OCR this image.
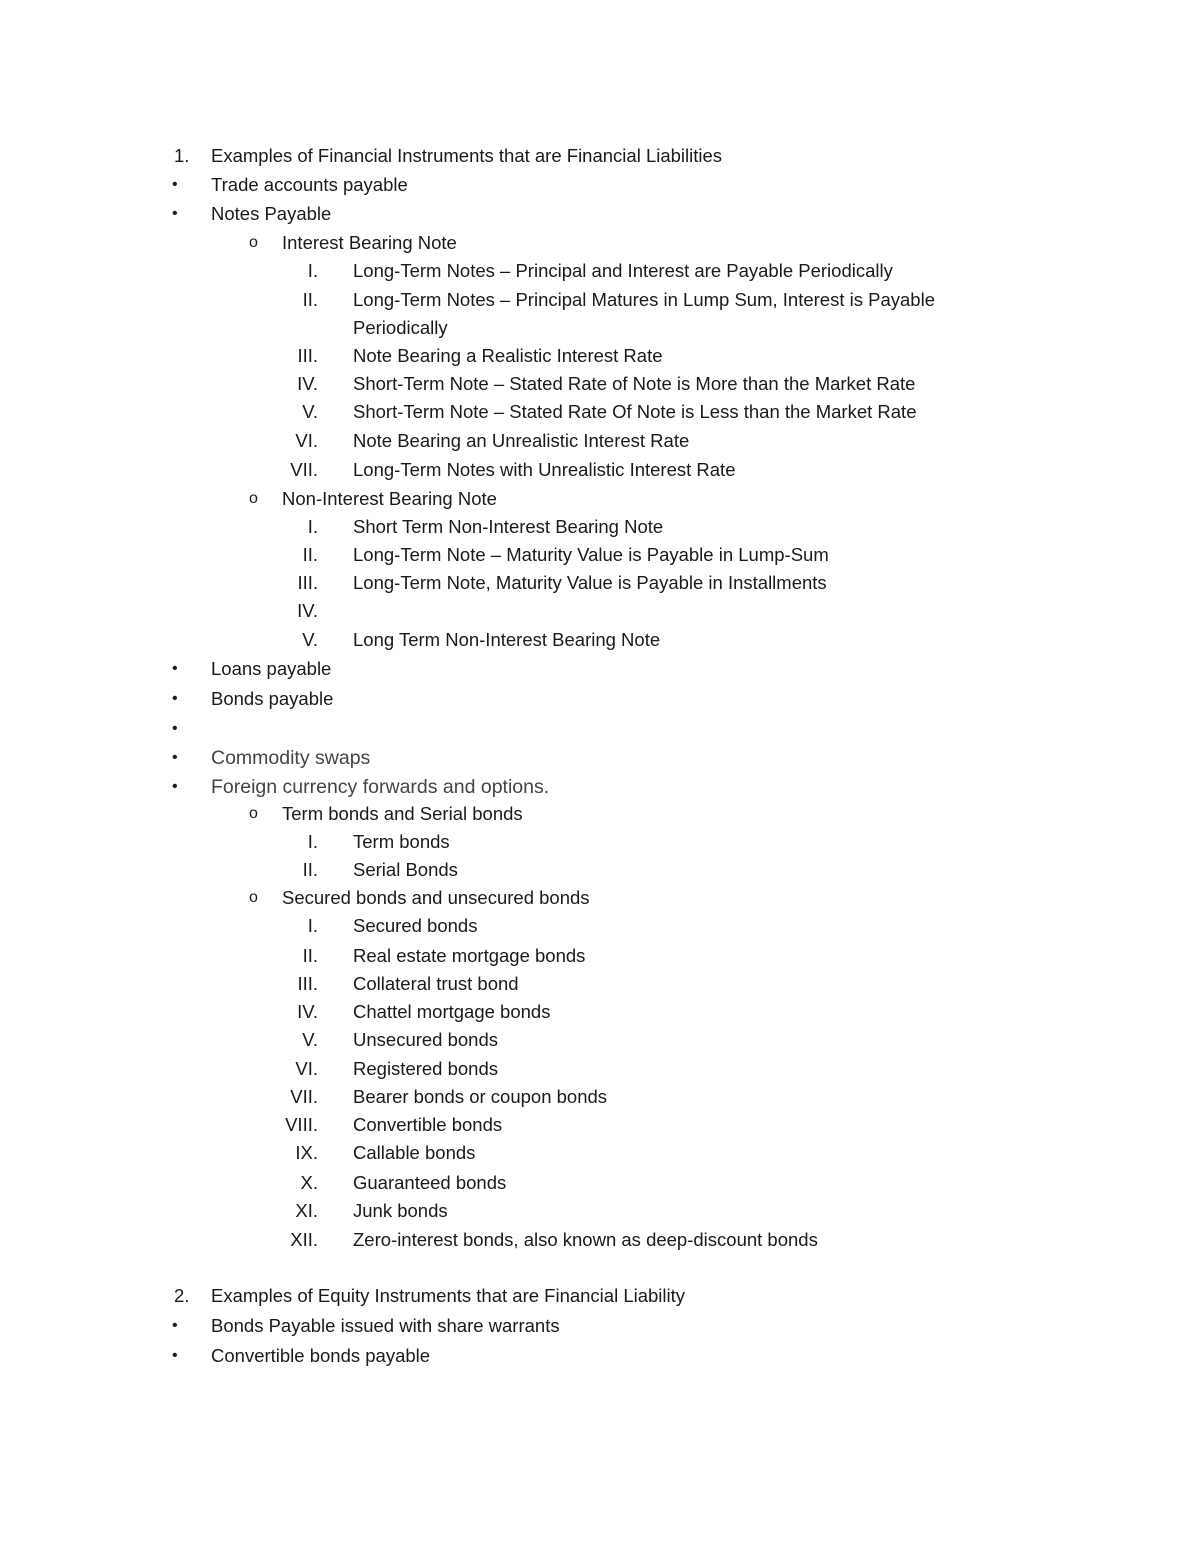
1. Examples of Financial Instruments that are Financial Liabilities
• Trade accounts payable
• Notes Payable
o Interest Bearing Note
I. Long-Term Notes – Principal and Interest are Payable Periodically
II. Long-Term Notes – Principal Matures in Lump Sum, Interest is Payable
Periodically
III. Note Bearing a Realistic Interest Rate
IV. Short-Term Note – Stated Rate of Note is More than the Market Rate
V. Short-Term Note – Stated Rate Of Note is Less than the Market Rate
VI. Note Bearing an Unrealistic Interest Rate
VII. Long-Term Notes with Unrealistic Interest Rate
o Non-Interest Bearing Note
I. Short Term Non-Interest Bearing Note
II. Long-Term Note – Maturity Value is Payable in Lump-Sum
III. Long-Term Note, Maturity Value is Payable in Installments
IV.
V. Long Term Non-Interest Bearing Note
• Loans payable
• Bonds payable
•
• Commodity swaps
• Foreign currency forwards and options.
o Term bonds and Serial bonds
I. Term bonds
II. Serial Bonds
o Secured bonds and unsecured bonds
I. Secured bonds
II. Real estate mortgage bonds
III. Collateral trust bond
IV. Chattel mortgage bonds
V. Unsecured bonds
VI. Registered bonds
VII. Bearer bonds or coupon bonds
VIII. Convertible bonds
IX. Callable bonds
X. Guaranteed bonds
XI. Junk bonds
XII. Zero-interest bonds, also known as deep-discount bonds
2. Examples of Equity Instruments that are Financial Liability
• Bonds Payable issued with share warrants
• Convertible bonds payable
